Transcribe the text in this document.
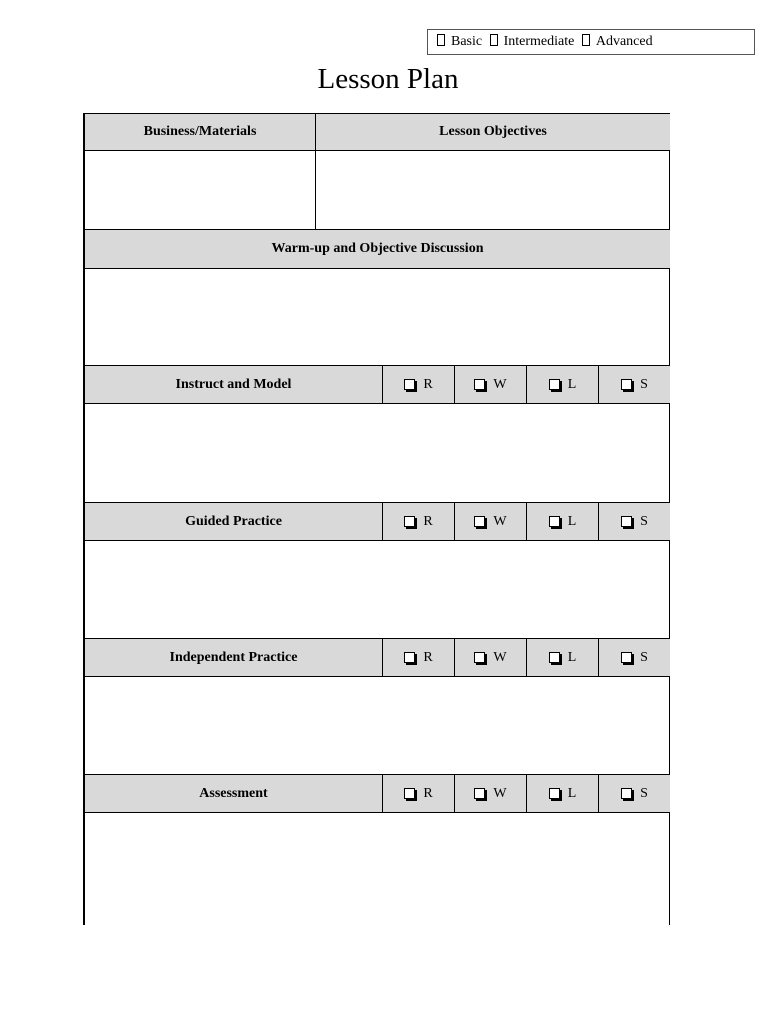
Basic Intermediate Advanced
Lesson Plan
Business/Materials	Lesson Objectives
Warm-up and Objective Discussion
Instruct and Model	R	W	L	S
Guided Practice	R	W	L	S
Independent Practice	R	W	L	S
Assessment	R	W	L	S
